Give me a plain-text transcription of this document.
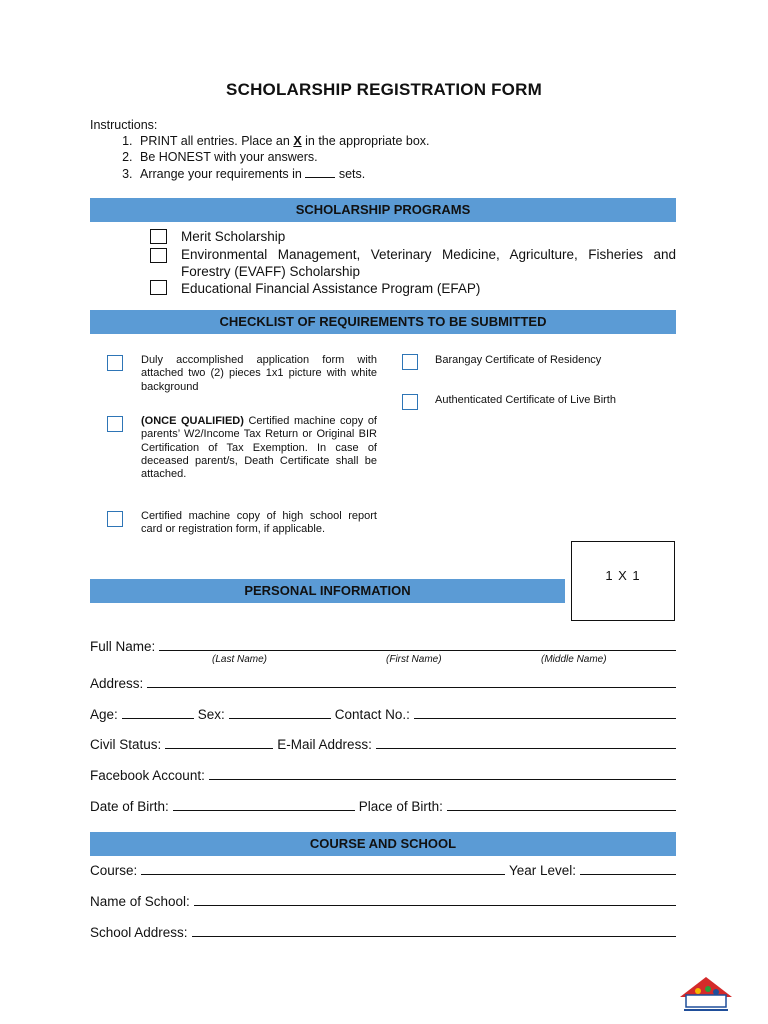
SCHOLARSHIP REGISTRATION FORM
Instructions:
1. PRINT all entries. Place an X in the appropriate box.
2. Be HONEST with your answers.
3. Arrange your requirements in  sets.
SCHOLARSHIP PROGRAMS
Merit Scholarship
Environmental Management, Veterinary Medicine, Agriculture, Fisheries and Forestry (EVAFF) Scholarship
Educational Financial Assistance Program (EFAP)
CHECKLIST OF REQUIREMENTS TO BE SUBMITTED
Duly accomplished application form with attached two (2) pieces 1x1 picture with white background
(ONCE QUALIFIED) Certified machine copy of parents’ W2/Income Tax Return or Original BIR Certification of Tax Exemption. In case of deceased parent/s, Death Certificate shall be attached.
Certified machine copy of high school report card or registration form, if applicable.
Barangay Certificate of Residency
Authenticated Certificate of Live Birth
1 X 1
PERSONAL INFORMATION
Full Name:
(Last Name)	(First Name)	(Middle Name)
Address:
Age:	Sex:	Contact No.:
Civil Status:	E-Mail Address:
Facebook Account:
Date of Birth:	Place of Birth:
COURSE AND SCHOOL
Course:	Year Level:
Name of School:
School Address:
